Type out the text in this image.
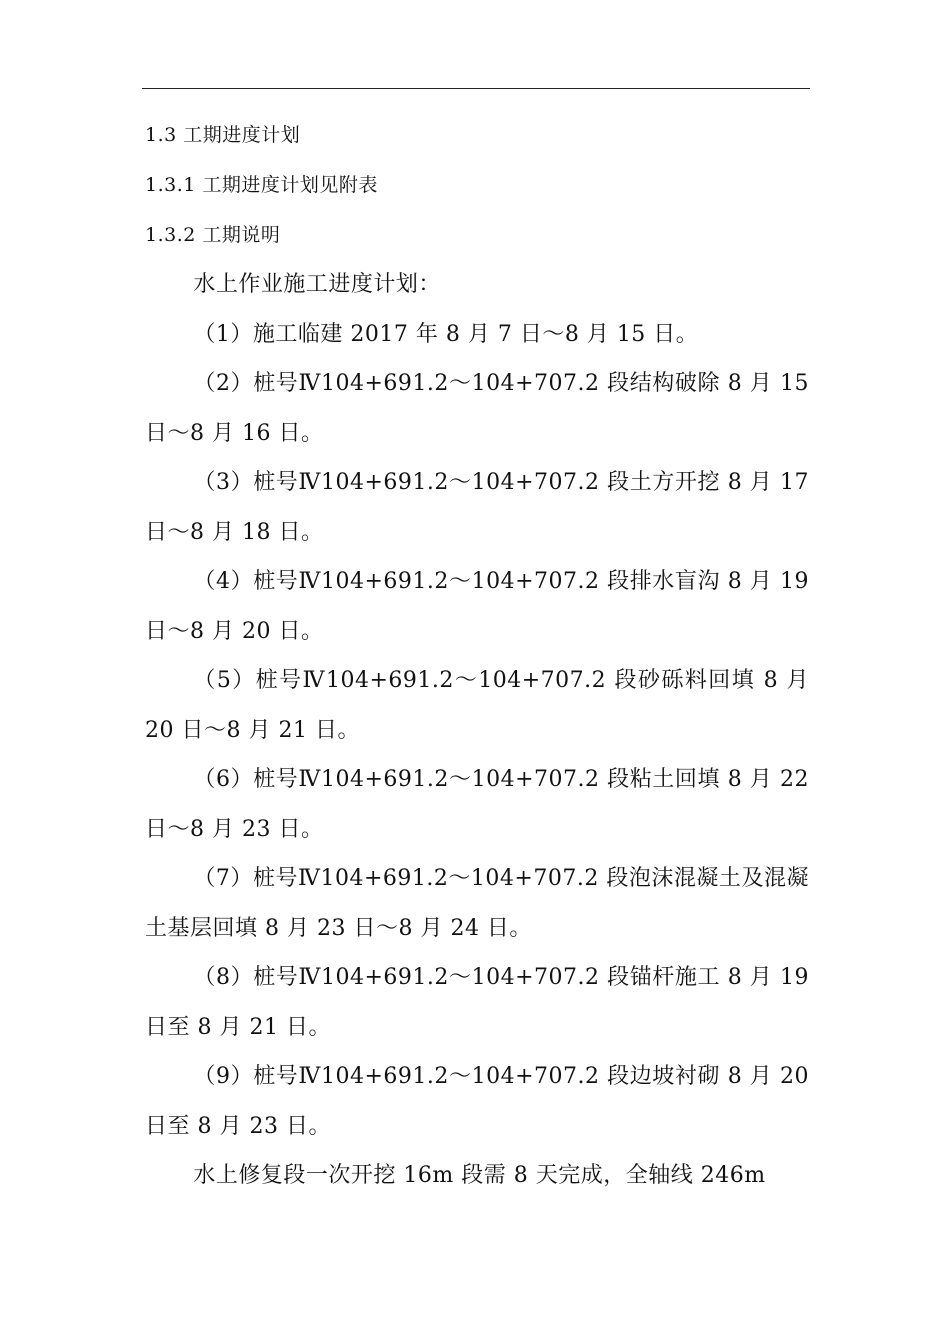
1.3 工期进度计划
1.3.1 工期进度计划见附表
1.3.2 工期说明

水上作业施工进度计划：

（1）施工临建 2017 年 8 月 7 日～8 月 15 日。

（2）桩号Ⅳ104+691.2～104+707.2 段结构破除 8 月 15 日～8 月 16 日。

（3）桩号Ⅳ104+691.2～104+707.2 段土方开挖 8 月 17 日～8 月 18 日。

（4）桩号Ⅳ104+691.2～104+707.2 段排水盲沟 8 月 19 日～8 月 20 日。

（5）桩号Ⅳ104+691.2～104+707.2 段砂砾料回填 8 月 20 日～8 月 21 日。

（6）桩号Ⅳ104+691.2～104+707.2 段粘土回填 8 月 22 日～8 月 23 日。

（7）桩号Ⅳ104+691.2～104+707.2 段泡沫混凝土及混凝土基层回填 8 月 23 日～8 月 24 日。

（8）桩号Ⅳ104+691.2～104+707.2 段锚杆施工 8 月 19 日至 8 月 21 日。

（9）桩号Ⅳ104+691.2～104+707.2 段边坡衬砌 8 月 20 日至 8 月 23 日。

水上修复段一次开挖 16m 段需 8 天完成，全轴线 246m
